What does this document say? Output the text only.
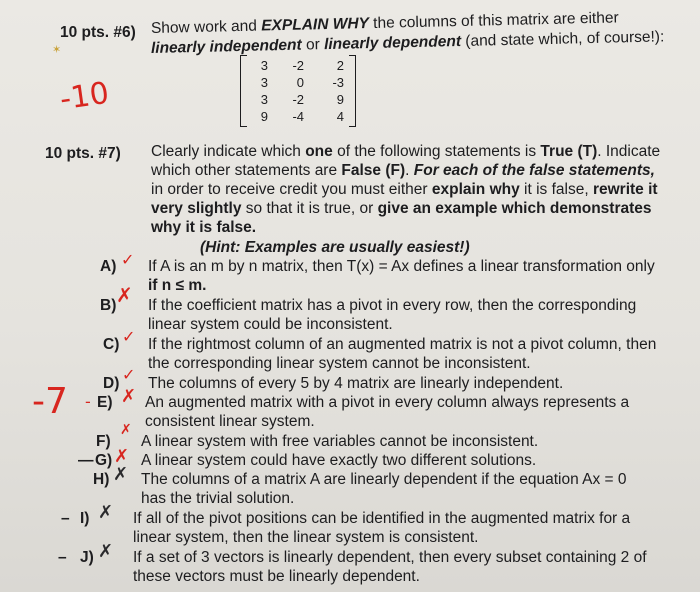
10 pts. #6) Show work and EXPLAIN WHY the columns of this matrix are either
linearly independent or linearly dependent (and state which, of course!):
3	-2	2
3	0	-3
3	-2	9
9	-4	4
-10
✶
10 pts. #7) Clearly indicate which one of the following statements is True (T). Indicate
which other statements are False (F). For each of the false statements,
in order to receive credit you must either explain why it is false, rewrite it
very slightly so that it is true, or give an example which demonstrates
why it is false.
(Hint: Examples are usually easiest!)
A) ✓ If A is an m by n matrix, then T(x) = Ax defines a linear transformation only
if n ≤ m.
B) ✗ If the coefficient matrix has a pivot in every row, then the corresponding
linear system could be inconsistent.
C) ✓ If the rightmost column of an augmented matrix is not a pivot column, then
the corresponding linear system cannot be inconsistent.
D) ✓ The columns of every 5 by 4 matrix are linearly independent.
-7 - E) ✗ An augmented matrix with a pivot in every column always represents a
consistent linear system.
F)
✗
A linear system with free variables cannot be inconsistent.
— G) ✗ A linear system could have exactly two different solutions.
H) ✗ The columns of a matrix A are linearly dependent if the equation Ax = 0
has the trivial solution.
– I) ✗ If all of the pivot positions can be identified in the augmented matrix for a
linear system, then the linear system is consistent.
– J) ✗ If a set of 3 vectors is linearly dependent, then every subset containing 2 of
these vectors must be linearly dependent.
